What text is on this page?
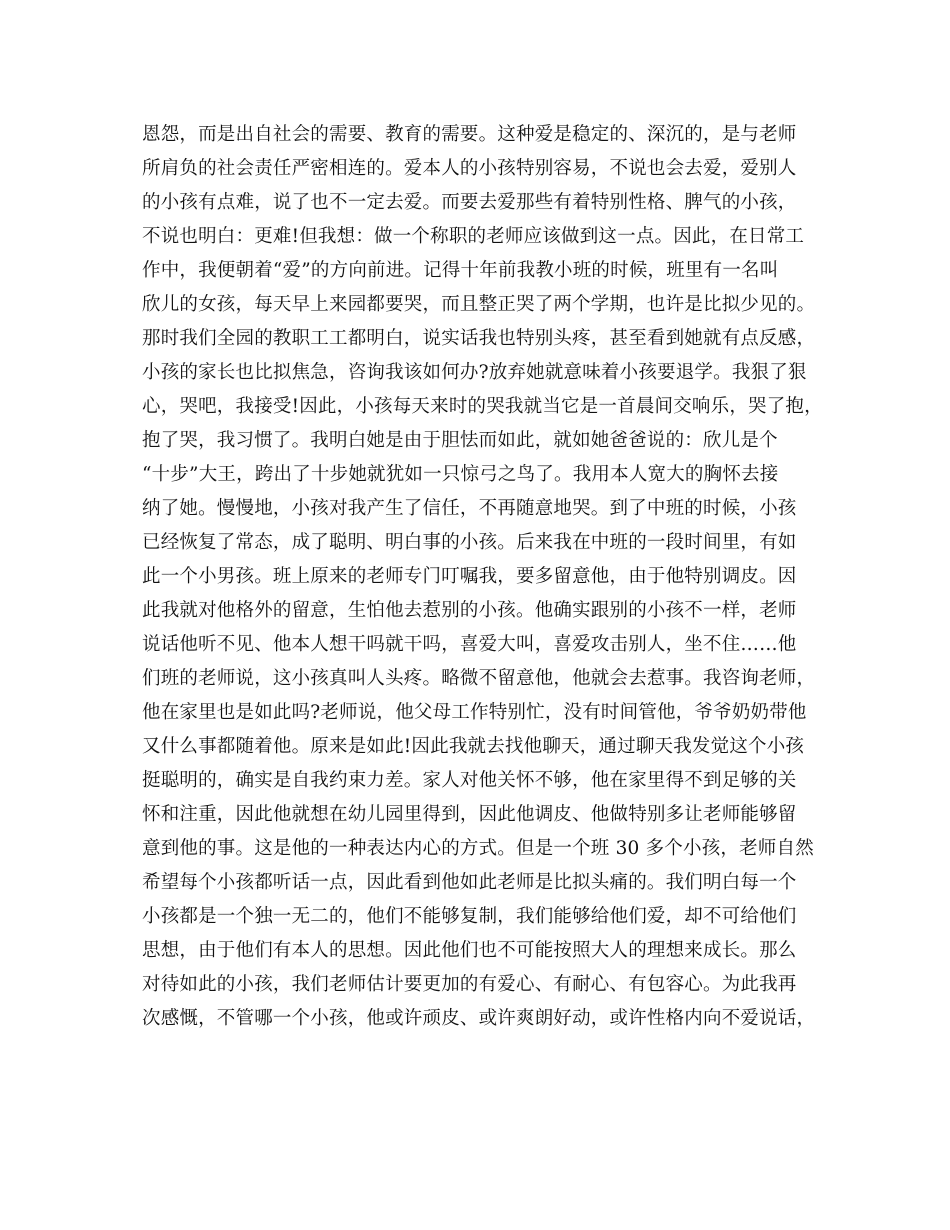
恩怨，而是出自社会的需要、教育的需要。这种爱是稳定的、深沉的，是与老师
所肩负的社会责任严密相连的。爱本人的小孩特别容易，不说也会去爱，爱别人
的小孩有点难，说了也不一定去爱。而要去爱那些有着特别性格、脾气的小孩，
不说也明白：更难!但我想：做一个称职的老师应该做到这一点。因此，在日常工
作中，我便朝着“爱”的方向前进。记得十年前我教小班的时候，班里有一名叫
欣儿的女孩，每天早上来园都要哭，而且整正哭了两个学期，也许是比拟少见的。
那时我们全园的教职工工都明白，说实话我也特别头疼，甚至看到她就有点反感，
小孩的家长也比拟焦急，咨询我该如何办?放弃她就意味着小孩要退学。我狠了狠
心，哭吧，我接受!因此，小孩每天来时的哭我就当它是一首晨间交响乐，哭了抱，
抱了哭，我习惯了。我明白她是由于胆怯而如此，就如她爸爸说的：欣儿是个
“十步”大王，跨出了十步她就犹如一只惊弓之鸟了。我用本人宽大的胸怀去接
纳了她。慢慢地，小孩对我产生了信任，不再随意地哭。到了中班的时候，小孩
已经恢复了常态，成了聪明、明白事的小孩。后来我在中班的一段时间里，有如
此一个小男孩。班上原来的老师专门叮嘱我，要多留意他，由于他特别调皮。因
此我就对他格外的留意，生怕他去惹别的小孩。他确实跟别的小孩不一样，老师
说话他听不见、他本人想干吗就干吗，喜爱大叫，喜爱攻击别人，坐不住……他
们班的老师说，这小孩真叫人头疼。略微不留意他，他就会去惹事。我咨询老师，
他在家里也是如此吗?老师说，他父母工作特别忙，没有时间管他，爷爷奶奶带他
又什么事都随着他。原来是如此!因此我就去找他聊天，通过聊天我发觉这个小孩
挺聪明的，确实是自我约束力差。家人对他关怀不够，他在家里得不到足够的关
怀和注重，因此他就想在幼儿园里得到，因此他调皮、他做特别多让老师能够留
意到他的事。这是他的一种表达内心的方式。但是一个班 30 多个小孩，老师自然
希望每个小孩都听话一点，因此看到他如此老师是比拟头痛的。我们明白每一个
小孩都是一个独一无二的，他们不能够复制，我们能够给他们爱，却不可给他们
思想，由于他们有本人的思想。因此他们也不可能按照大人的理想来成长。那么
对待如此的小孩，我们老师估计要更加的有爱心、有耐心、有包容心。为此我再
次感慨，不管哪一个小孩，他或许顽皮、或许爽朗好动，或许性格内向不爱说话，
